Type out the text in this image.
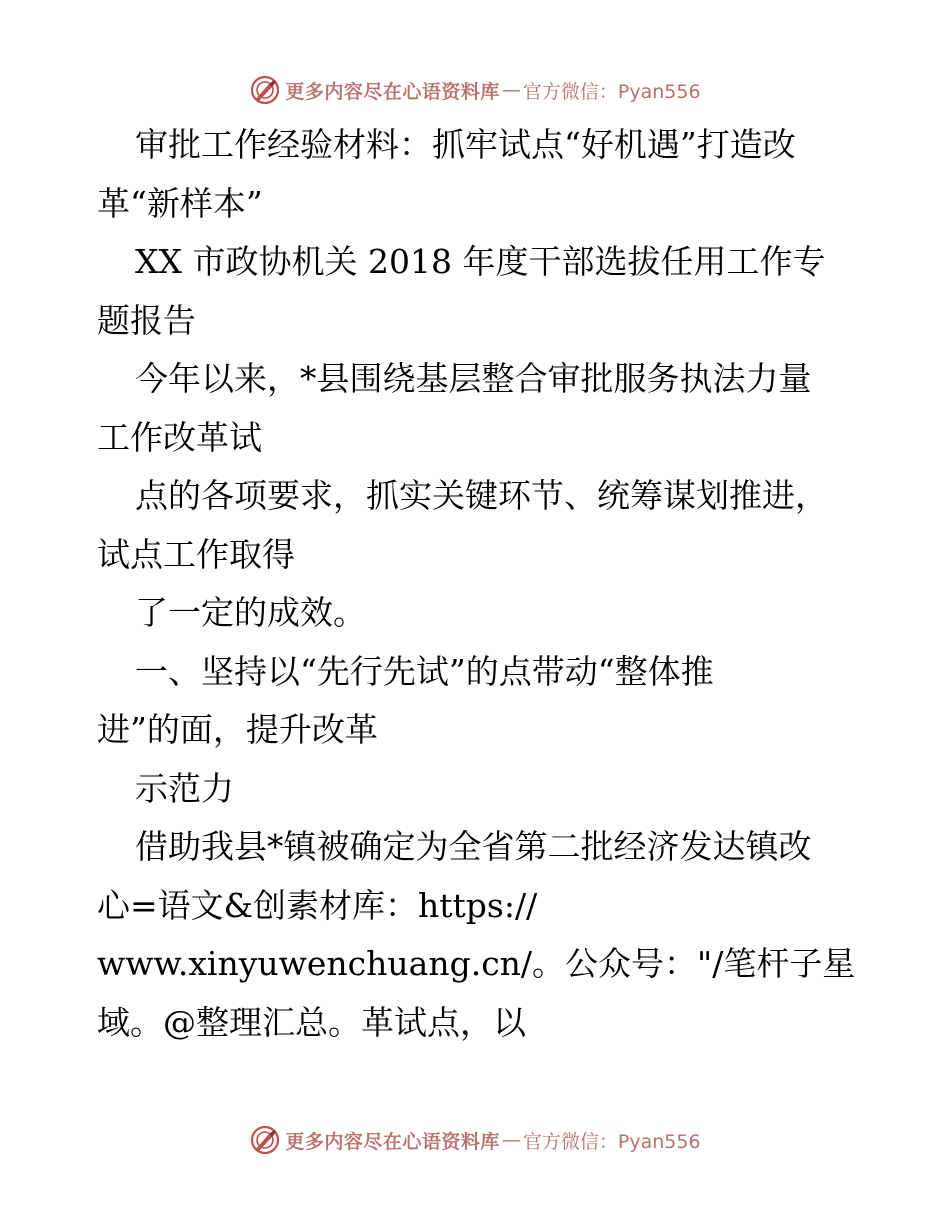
更多内容尽在心语资料库 — 官方微信：Pyan556
审批工作经验材料：抓牢试点“好机遇”打造改
革“新样本”
XX 市政协机关 2018 年度干部选拔任用工作专
题报告
今年以来，*县围绕基层整合审批服务执法力量
工作改革试
点的各项要求，抓实关键环节、统筹谋划推进，
试点工作取得
了一定的成效。
一、坚持以“先行先试”的点带动“整体推
进”的面，提升改革
示范力
借助我县*镇被确定为全省第二批经济发达镇改
心=语文&创素材库：https://
www.xinyuwenchuang.cn/。公众号："/笔杆子星
域。@整理汇总。革试点，以
更多内容尽在心语资料库 — 官方微信：Pyan556
